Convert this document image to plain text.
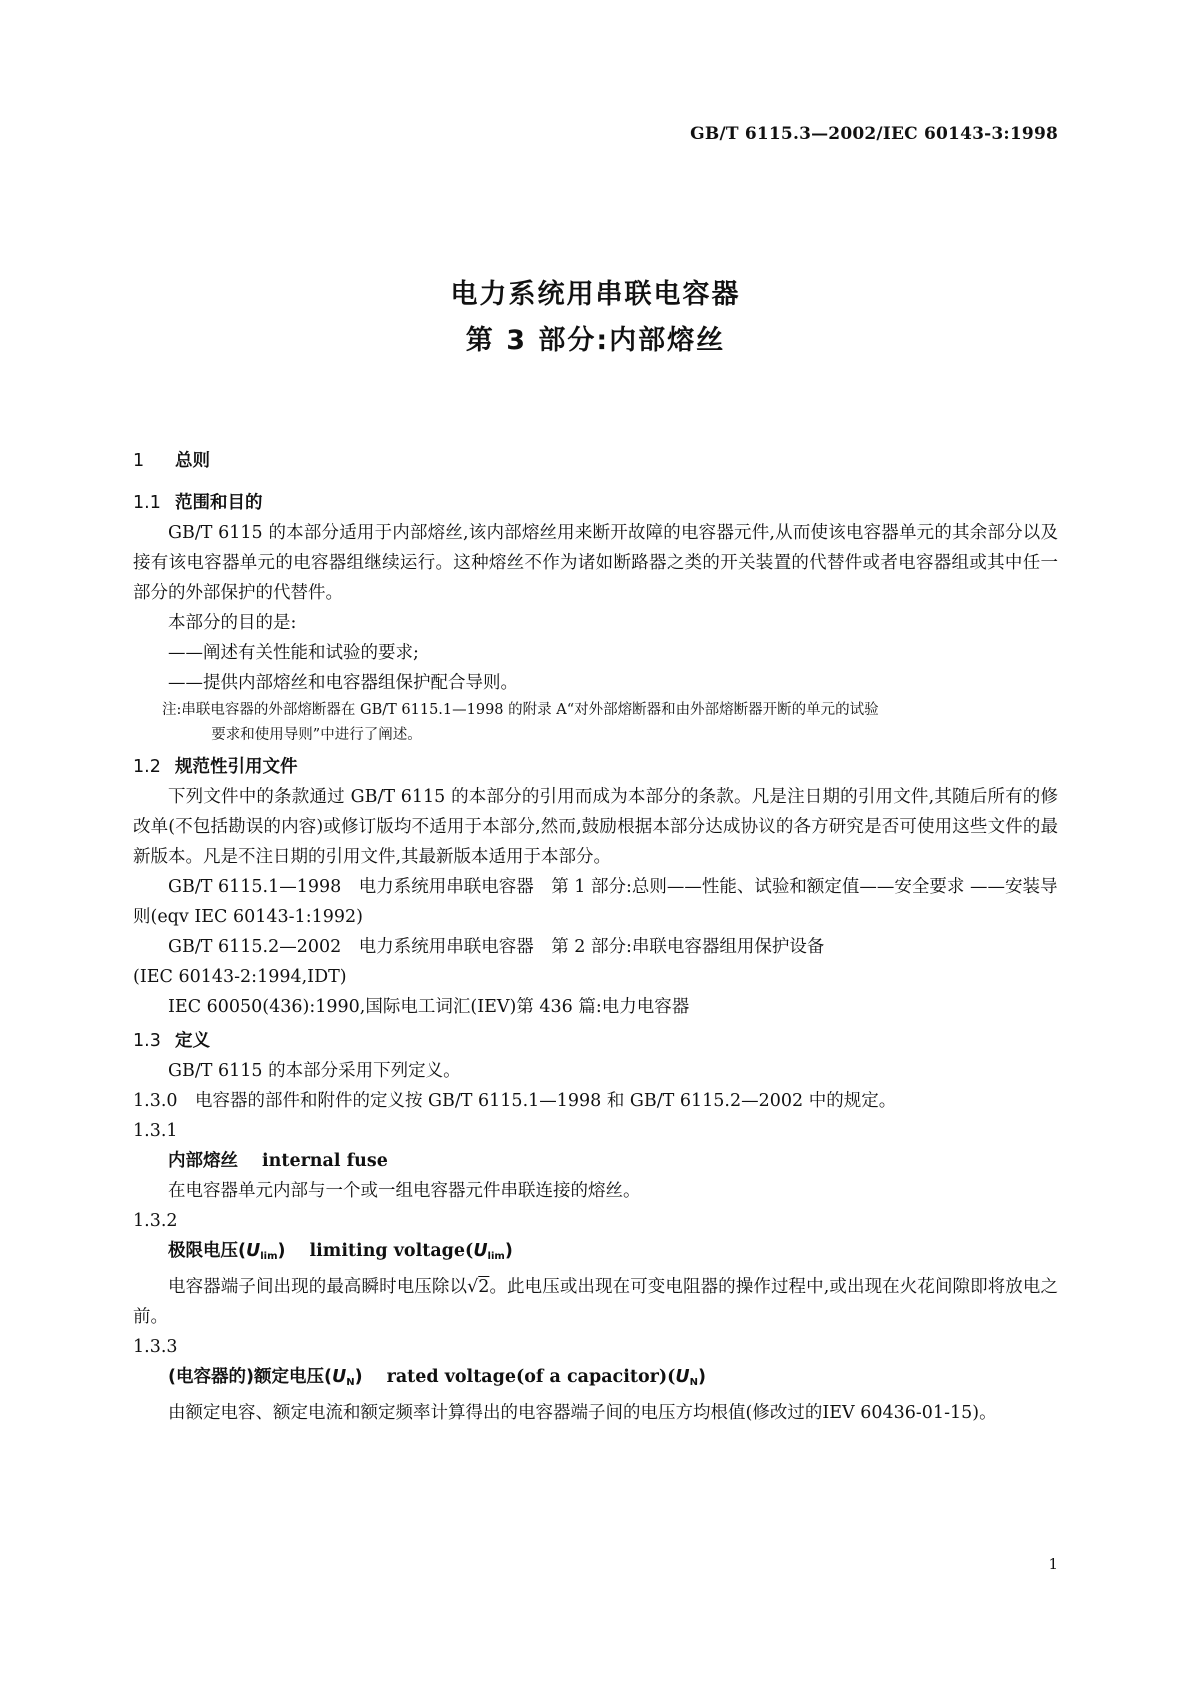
GB/T 6115.3—2002/IEC 60143-3:1998
电力系统用串联电容器
第 3 部分:内部熔丝
1 总则
1.1 范围和目的
GB/T 6115 的本部分适用于内部熔丝,该内部熔丝用来断开故障的电容器元件,从而使该电容器单元的其余部分以及接有该电容器单元的电容器组继续运行。这种熔丝不作为诸如断路器之类的开关装置的代替件或者电容器组或其中任一部分的外部保护的代替件。
本部分的目的是:
—— 阐述有关性能和试验的要求;
—— 提供内部熔丝和电容器组保护配合导则。
注:串联电容器的外部熔断器在 GB/T 6115.1—1998 的附录 A“对外部熔断器和由外部熔断器开断的单元的试验
要求和使用导则”中进行了阐述。
1.2 规范性引用文件
下列文件中的条款通过 GB/T 6115 的本部分的引用而成为本部分的条款。凡是注日期的引用文件,其随后所有的修改单(不包括勘误的内容)或修订版均不适用于本部分,然而,鼓励根据本部分达成协议的各方研究是否可使用这些文件的最新版本。凡是不注日期的引用文件,其最新版本适用于本部分。
GB/T 6115.1—1998　电力系统用串联电容器　第 1 部分:总则——性能、试验和额定值——安全要求 ——安装导则(eqv IEC 60143-1:1992)
GB/T 6115.2—2002　电力系统用串联电容器　第 2 部分:串联电容器组用保护设备
(IEC 60143-2:1994,IDT)
IEC 60050(436):1990,国际电工词汇(IEV)第 436 篇:电力电容器
1.3 定义
GB/T 6115 的本部分采用下列定义。
1.3.0 电容器的部件和附件的定义按 GB/T 6115.1—1998 和 GB/T 6115.2—2002 中的规定。
1.3.1
内部熔丝 internal fuse
在电容器单元内部与一个或一组电容器元件串联连接的熔丝。
1.3.2
极限电压$(U_{lim})$ limiting $voltage(U_{lim})$
电容器端子间出现的最高瞬时电压除以√2。此电压或出现在可变电阻器的操作过程中,或出现在火花间隙即将放电之前。
1.3.3
(电容器的)额定电压$(U_N)$ rated voltage(of a $capacitor)(U_N)$
由额定电容、额定电流和额定频率计算得出的电容器端子间的电压方均根值(修改过的IEV 60436-01-15)。
1
